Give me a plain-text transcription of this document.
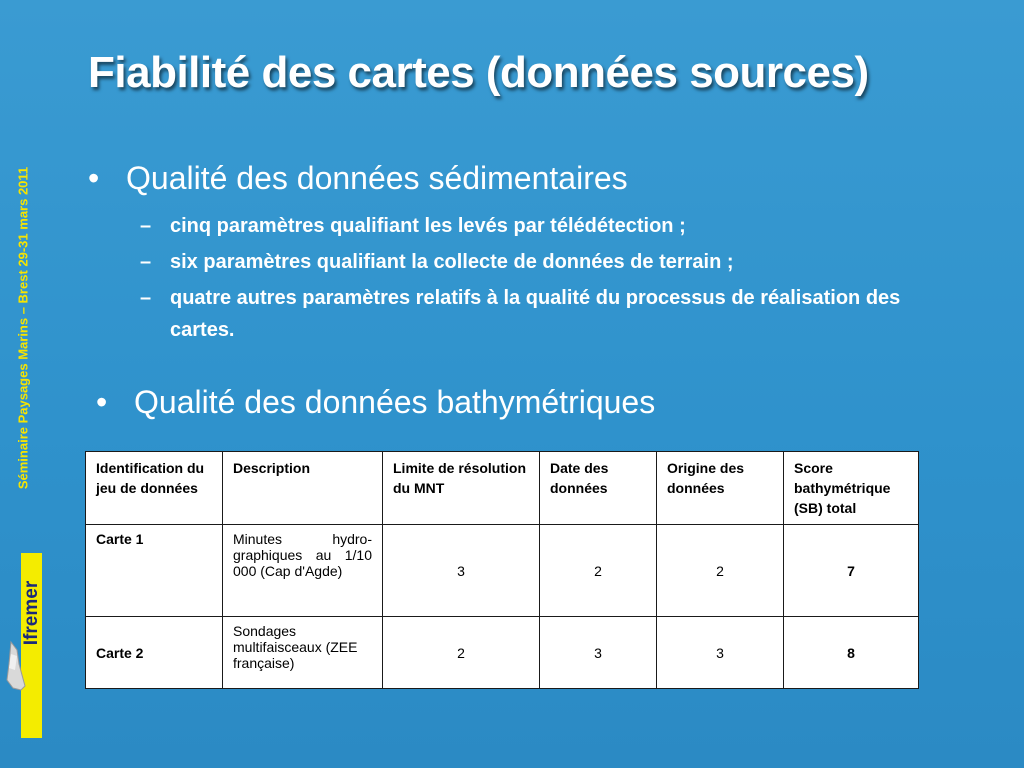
Fiabilité des cartes (données sources)
Séminaire Paysages Marins – Brest 29-31 mars 2011
Ifremer
• Qualité des données sédimentaires
– cinq paramètres qualifiant les levés par télédétection ;
– six paramètres qualifiant la collecte de données de terrain ;
– quatre autres paramètres relatifs à la qualité du processus de réalisation des cartes.
• Qualité des données bathymétriques
Identification du jeu de données	Description	Limite de résolution du MNT	Date des données	Origine des données	Score bathymétrique (SB) total
Carte 1	Minutes hydro-graphiques au 1/10 000 (Cap d'Agde)	3	2	2	7
Carte 2	Sondages multifaisceaux (ZEE française)	2	3	3	8
